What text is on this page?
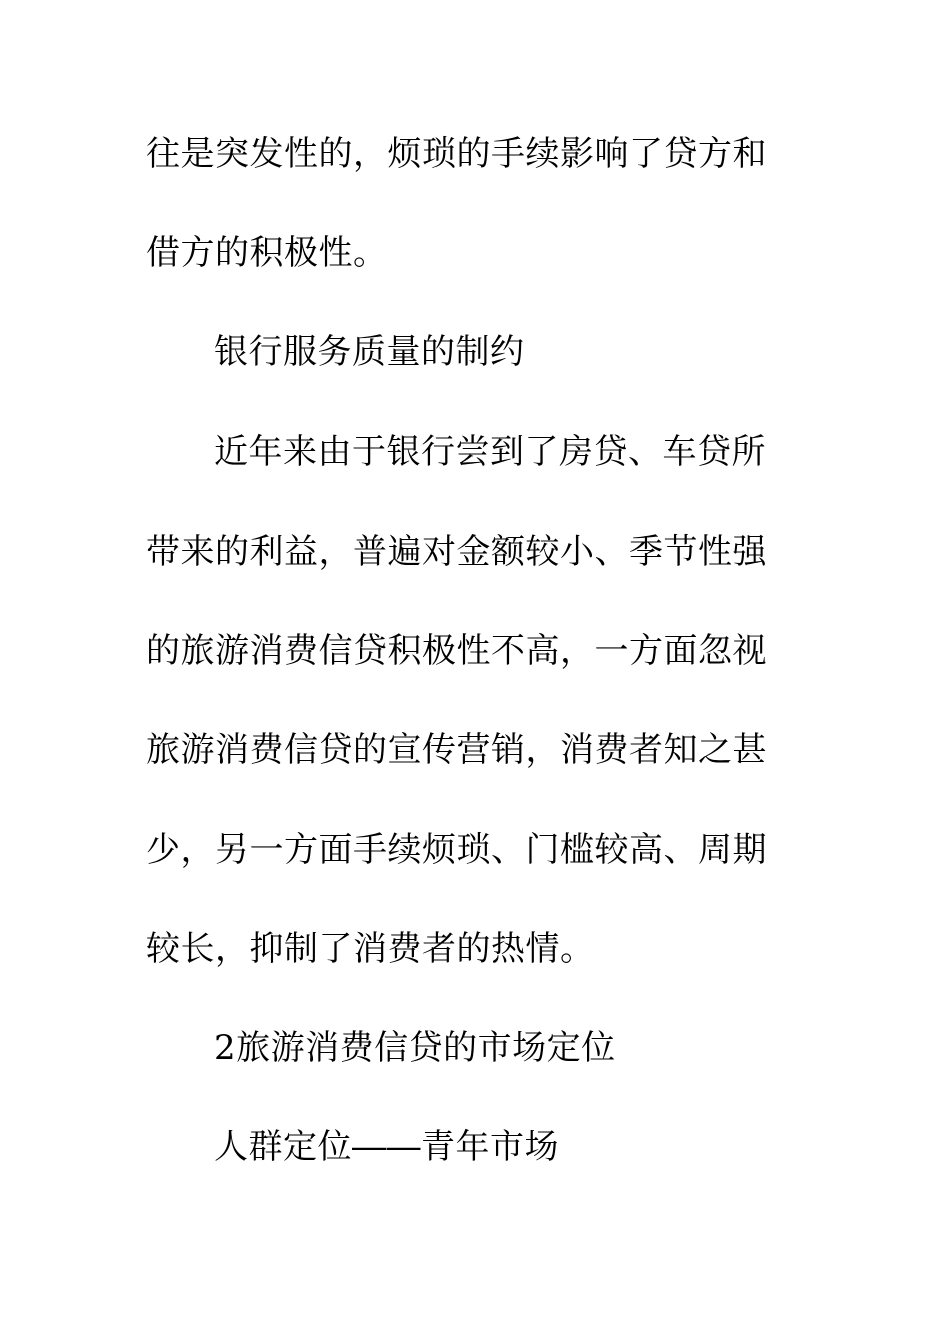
往是突发性的，烦琐的手续影响了贷方和
借方的积极性。
银行服务质量的制约
近年来由于银行尝到了房贷、车贷所
带来的利益，普遍对金额较小、季节性强
的旅游消费信贷积极性不高，一方面忽视
旅游消费信贷的宣传营销，消费者知之甚
少，另一方面手续烦琐、门槛较高、周期
较长，抑制了消费者的热情。
2旅游消费信贷的市场定位
人群定位――青年市场
